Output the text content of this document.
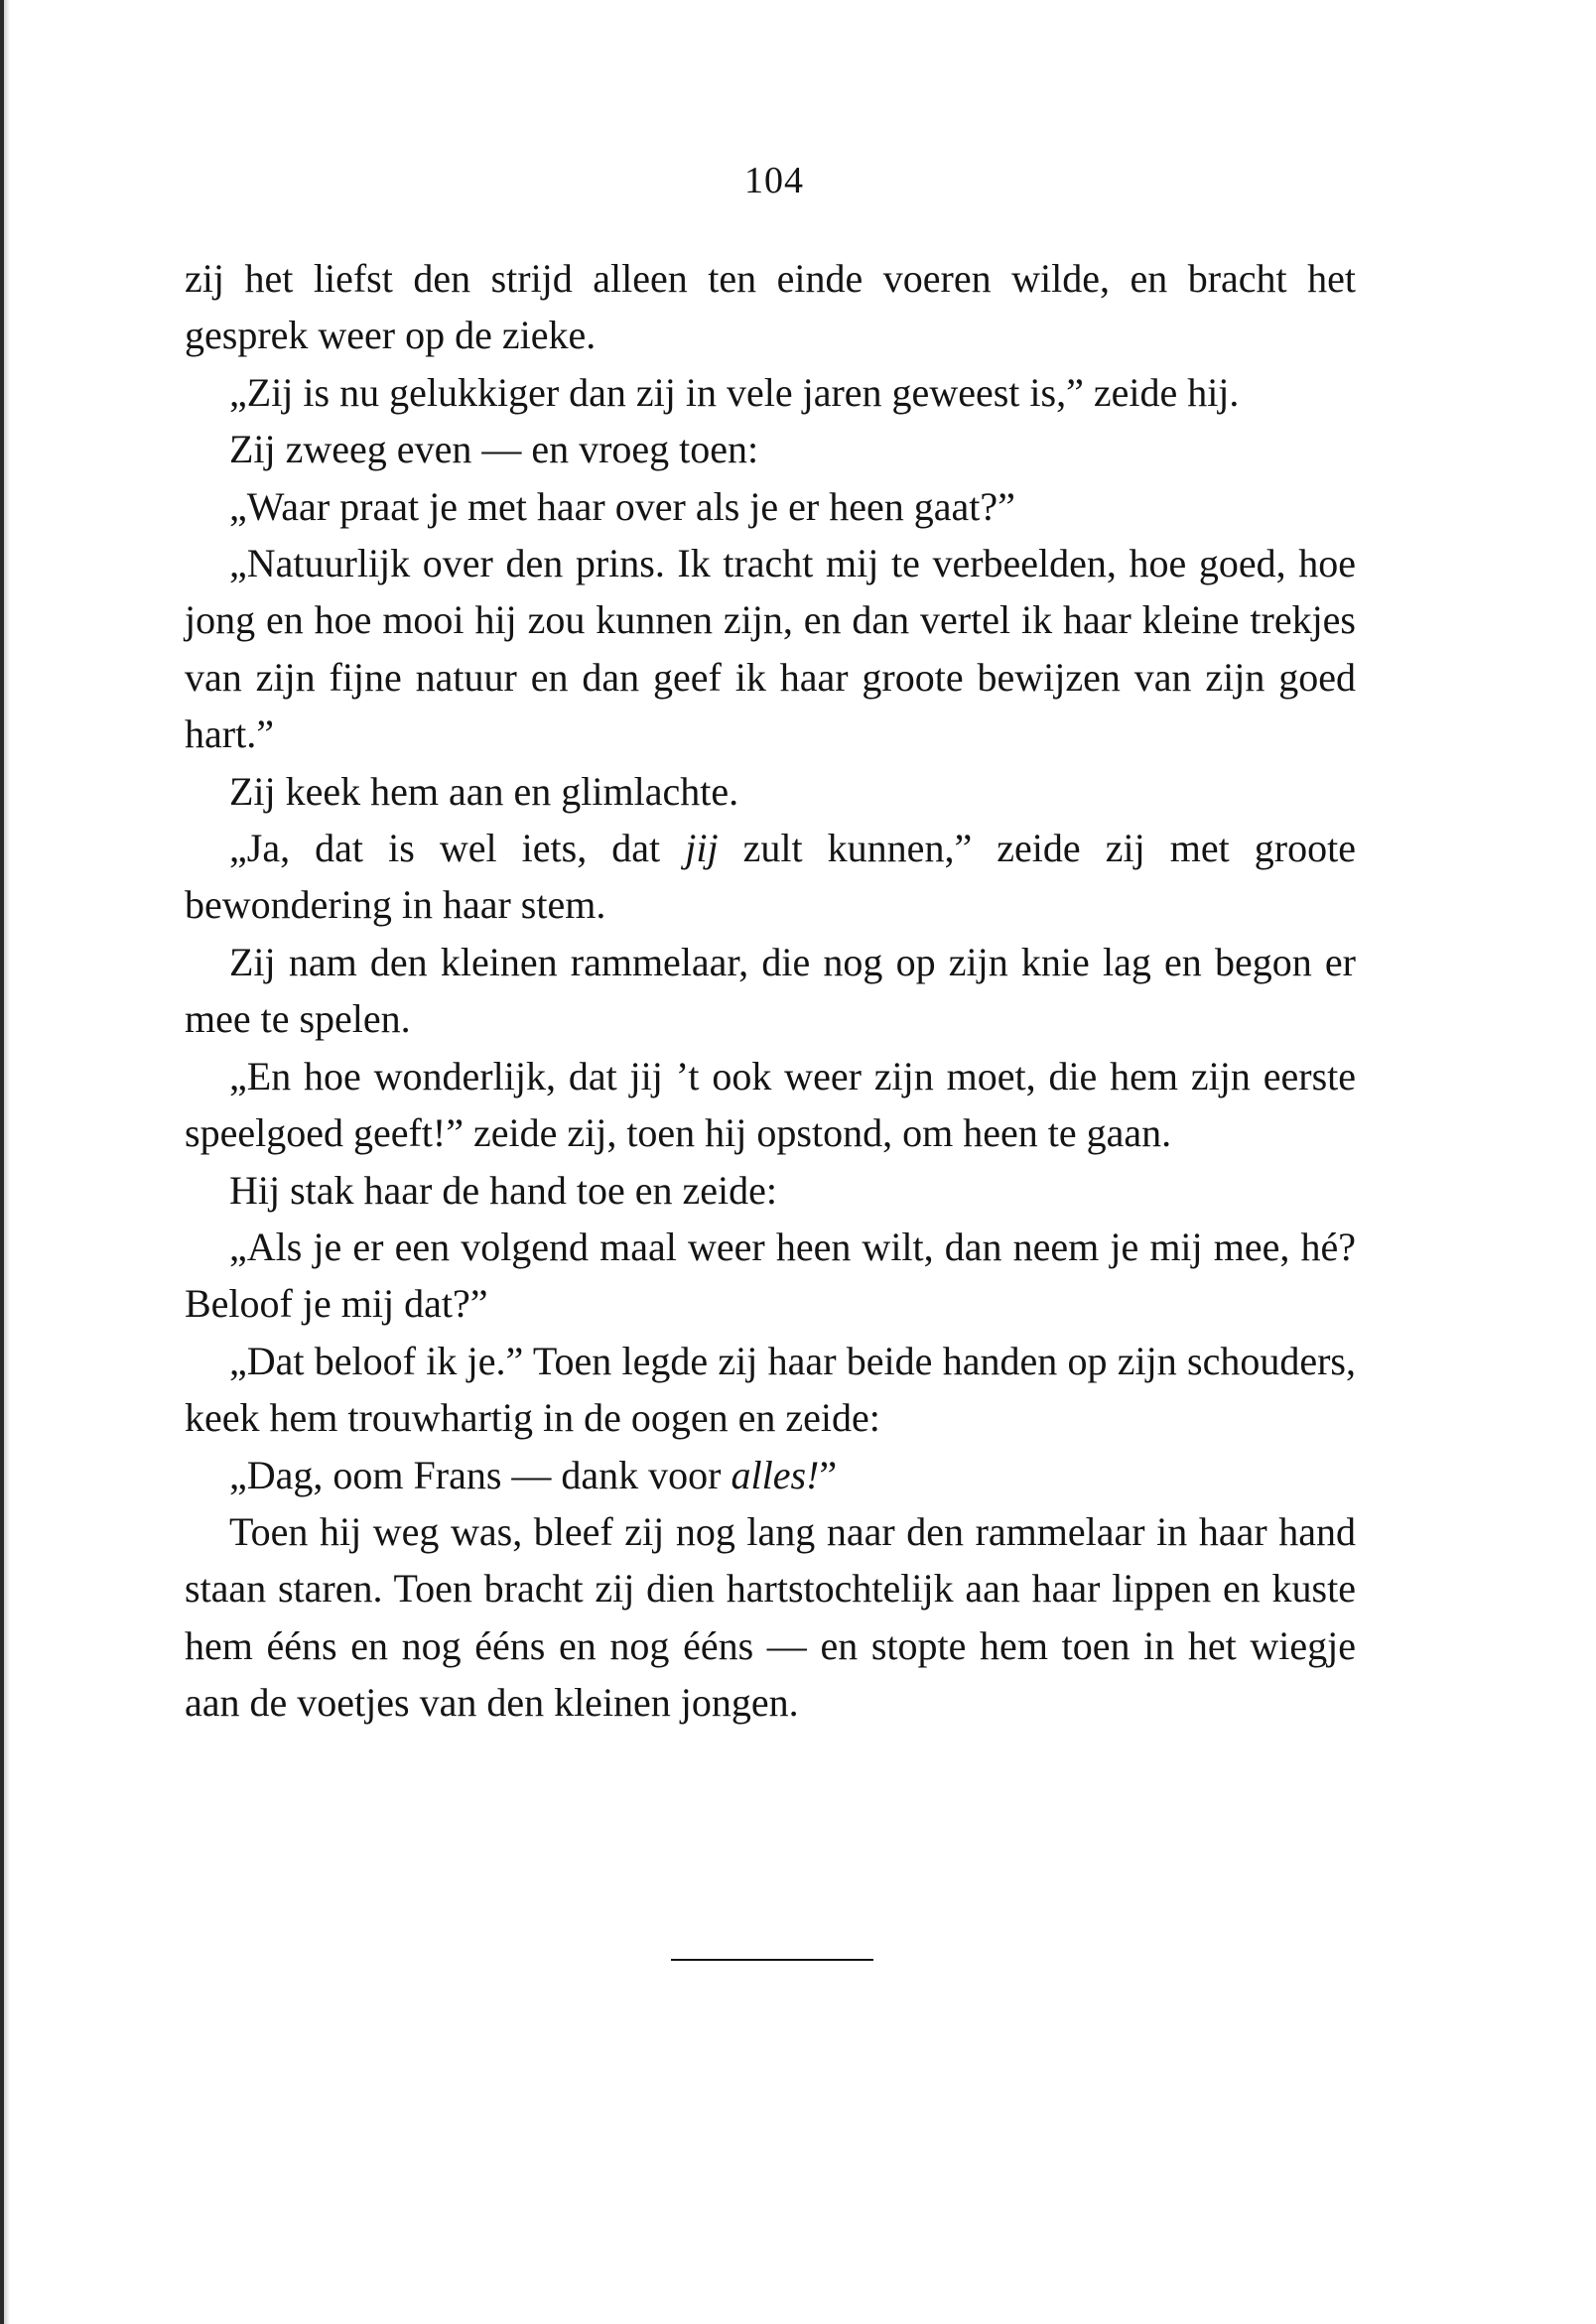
104

zij het liefst den strijd alleen ten einde voeren wilde, en bracht het gesprek weer op de zieke.

„Zij is nu gelukkiger dan zij in vele jaren geweest is,” zeide hij.

Zij zweeg even — en vroeg toen:

„Waar praat je met haar over als je er heen gaat?”

„Natuurlijk over den prins. Ik tracht mij te verbeelden, hoe goed, hoe jong en hoe mooi hij zou kunnen zijn, en dan vertel ik haar kleine trekjes van zijn fijne natuur en dan geef ik haar groote bewijzen van zijn goed hart.”

Zij keek hem aan en glimlachte.

„Ja, dat is wel iets, dat jij zult kunnen,” zeide zij met groote bewondering in haar stem.

Zij nam den kleinen rammelaar, die nog op zijn knie lag en begon er mee te spelen.

„En hoe wonderlijk, dat jij ’t ook weer zijn moet, die hem zijn eerste speelgoed geeft!” zeide zij, toen hij opstond, om heen te gaan.

Hij stak haar de hand toe en zeide:

„Als je er een volgend maal weer heen wilt, dan neem je mij mee, hé? Beloof je mij dat?”

„Dat beloof ik je.” Toen legde zij haar beide handen op zijn schouders, keek hem trouwhartig in de oogen en zeide:

„Dag, oom Frans — dank voor alles!”

Toen hij weg was, bleef zij nog lang naar den rammelaar in haar hand staan staren. Toen bracht zij dien hartstochtelijk aan haar lippen en kuste hem ééns en nog ééns en nog ééns — en stopte hem toen in het wiegje aan de voetjes van den kleinen jongen.
